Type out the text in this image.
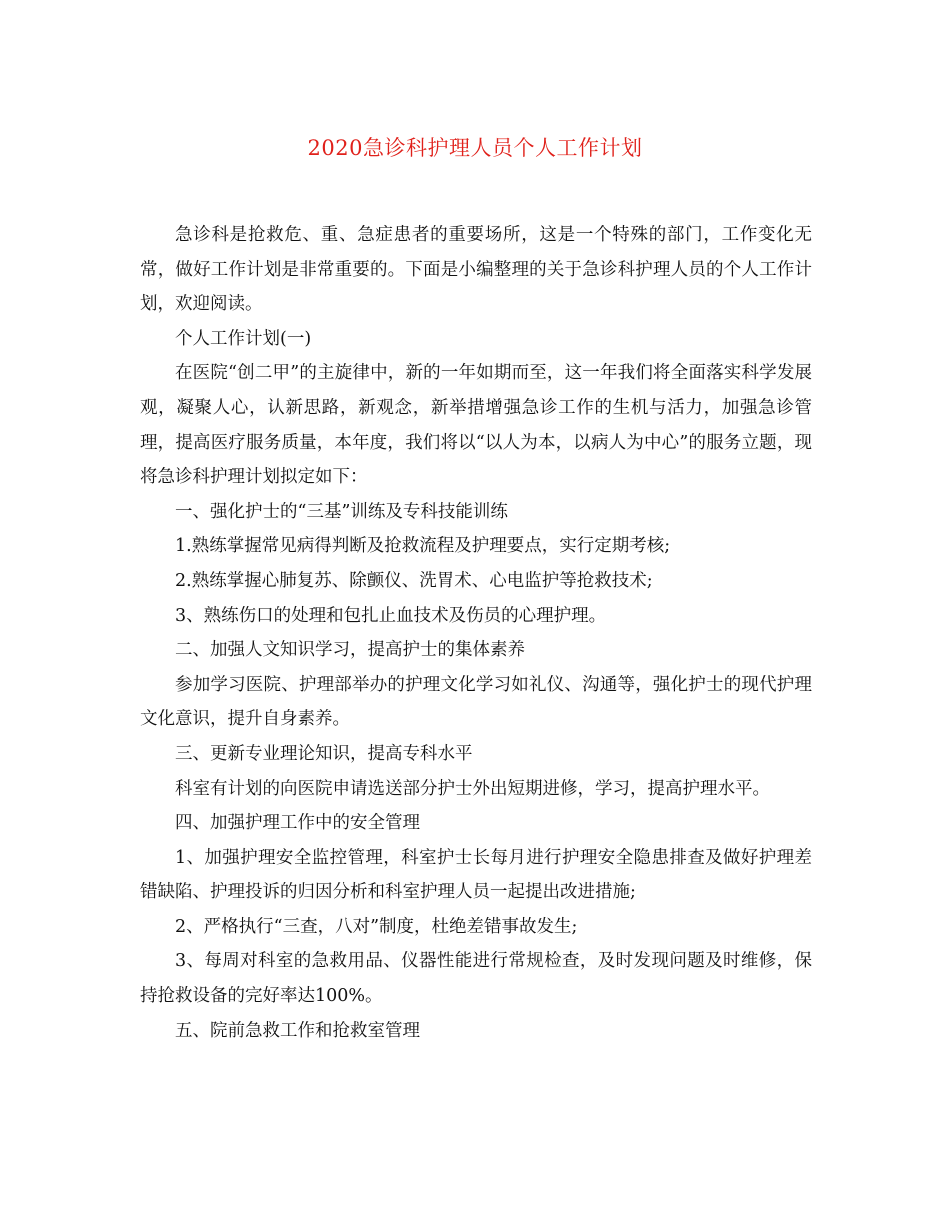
2020急诊科护理人员个人工作计划

急诊科是抢救危、重、急症患者的重要场所，这是一个特殊的部门，工作变化无常，做好工作计划是非常重要的。下面是小编整理的关于急诊科护理人员的个人工作计划，欢迎阅读。

个人工作计划(一)

在医院“创二甲”的主旋律中，新的一年如期而至，这一年我们将全面落实科学发展观，凝聚人心，认新思路，新观念，新举措增强急诊工作的生机与活力，加强急诊管理，提高医疗服务质量，本年度，我们将以“以人为本，以病人为中心”的服务立题，现将急诊科护理计划拟定如下：

一、强化护士的“三基”训练及专科技能训练

1.熟练掌握常见病得判断及抢救流程及护理要点，实行定期考核;

2.熟练掌握心肺复苏、除颤仪、洗胃术、心电监护等抢救技术;

3、熟练伤口的处理和包扎止血技术及伤员的心理护理。

二、加强人文知识学习，提高护士的集体素养

参加学习医院、护理部举办的护理文化学习如礼仪、沟通等，强化护士的现代护理文化意识，提升自身素养。

三、更新专业理论知识，提高专科水平

科室有计划的向医院申请选送部分护士外出短期进修，学习，提高护理水平。

四、加强护理工作中的安全管理

1、加强护理安全监控管理，科室护士长每月进行护理安全隐患排查及做好护理差错缺陷、护理投诉的归因分析和科室护理人员一起提出改进措施;

2、严格执行“三查，八对”制度，杜绝差错事故发生;

3、每周对科室的急救用品、仪器性能进行常规检查，及时发现问题及时维修，保持抢救设备的完好率达100%。

五、院前急救工作和抢救室管理
